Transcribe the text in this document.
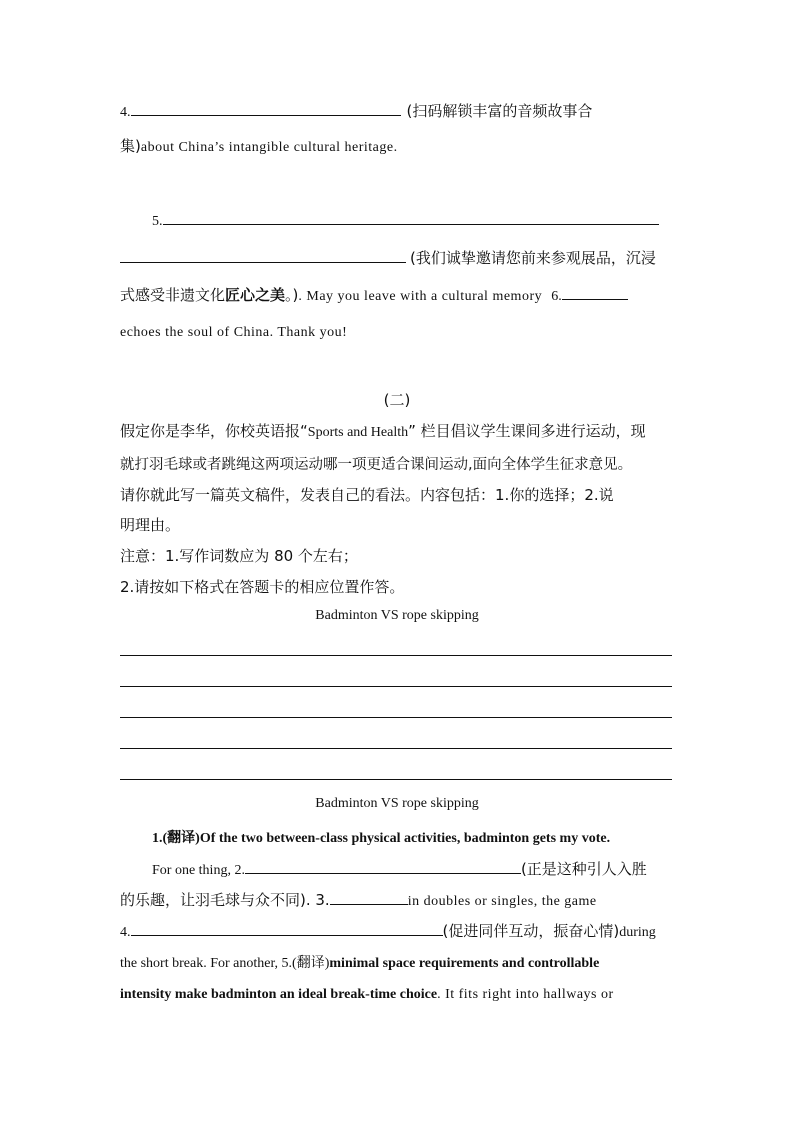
4.	(扫码解锁丰富的音频故事合
集)about China’s intangible cultural heritage.
5.
(我们诚挚邀请您前来参观展品，沉浸
式感受非遗文化匠心之美。). May you leave with a cultural memory 6.
echoes the soul of China. Thank you!
(二)
假定你是李华，你校英语报“Sports and Health” 栏目倡议学生课间多进行运动，现
就打羽毛球或者跳绳这两项运动哪一项更适合课间运动,面向全体学生征求意见。
请你就此写一篇英文稿件，发表自己的看法。内容包括：1.你的选择；2.说
明理由。
注意：1.写作词数应为 80 个左右；
2.请按如下格式在答题卡的相应位置作答。
Badminton VS rope skipping
Badminton VS rope skipping
1.(翻译)Of the two between-class physical activities, badminton gets my vote.
For one thing, 2.	(正是这种引人入胜
的乐趣，让羽毛球与众不同). 3.	in doubles or singles, the game
4.	(促进同伴互动，振奋心情)during
the short break. For another, 5.(翻译)minimal space requirements and controllable
intensity make badminton an ideal break-time choice. It fits right into hallways or
